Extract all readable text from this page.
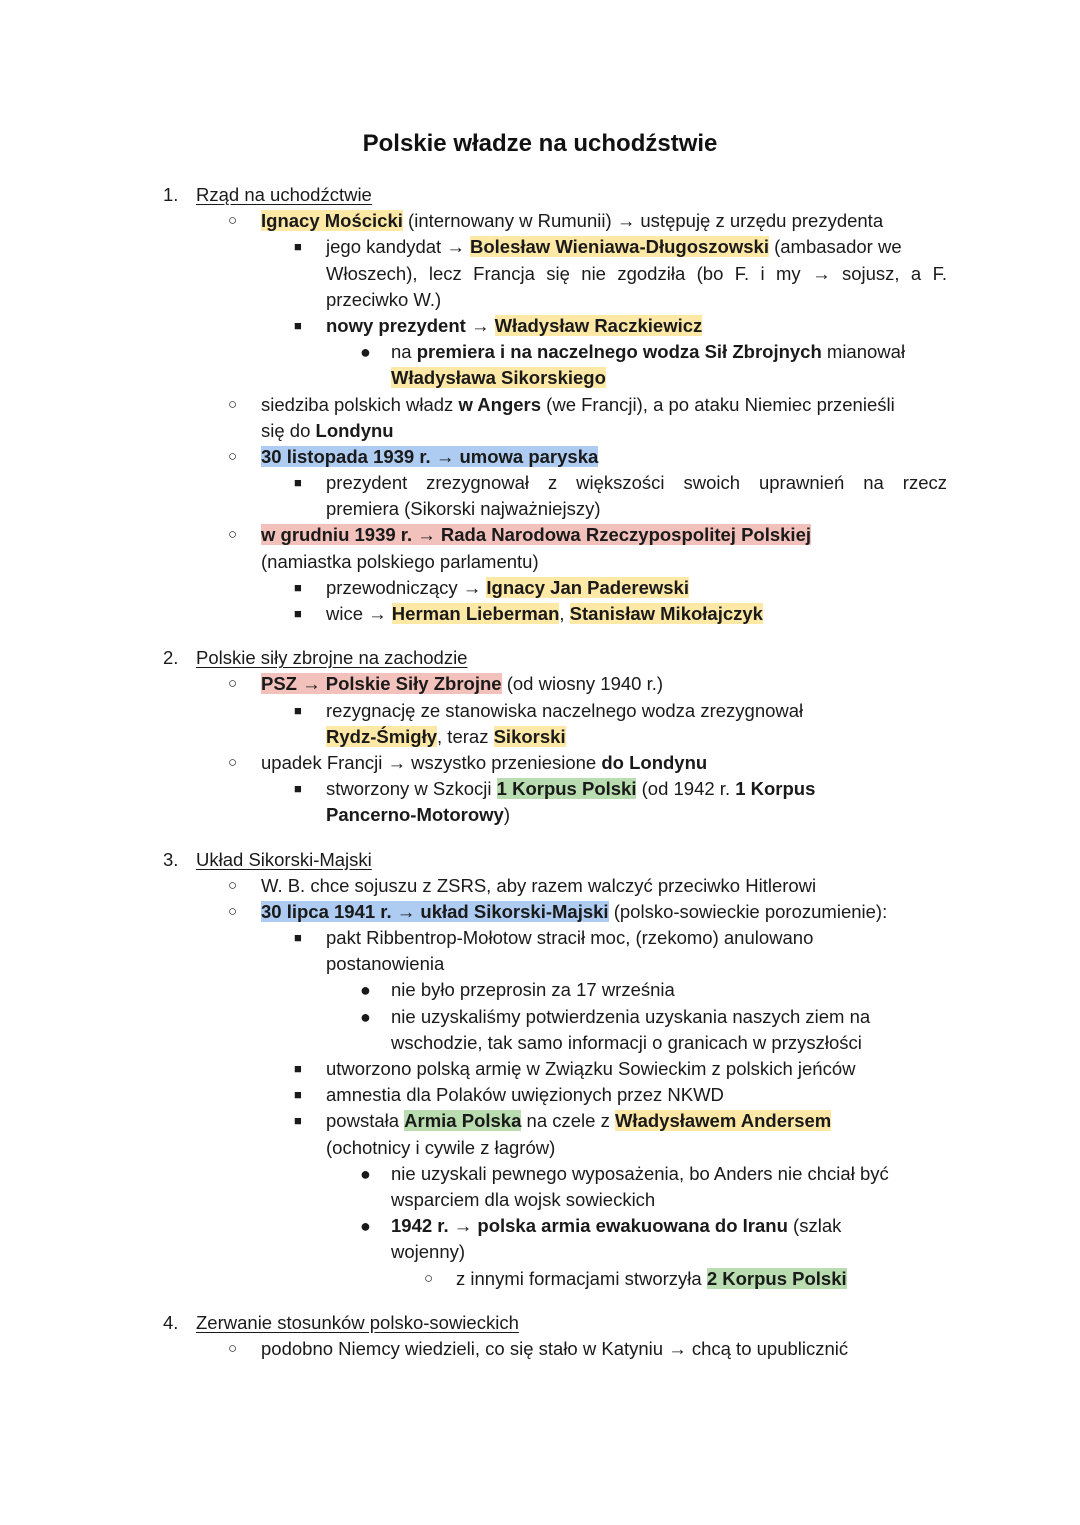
Polskie władze na uchodźstwie
1. Rząd na uchodźctwie
○ Ignacy Mościcki (internowany w Rumunii) → ustępuję z urzędu prezydenta
■ jego kandydat → Bolesław Wieniawa-Długoszowski (ambasador we
Włoszech), lecz Francja się nie zgodziła (bo F. i my → sojusz, a F.
przeciwko W.)
■ nowy prezydent → Władysław Raczkiewicz
● na premiera i na naczelnego wodza Sił Zbrojnych mianował
Władysława Sikorskiego
○ siedziba polskich władz w Angers (we Francji), a po ataku Niemiec przenieśli
się do Londynu
○ 30 listopada 1939 r. → umowa paryska
■ prezydent zrezygnował z większości swoich uprawnień na rzecz
premiera (Sikorski najważniejszy)
○ w grudniu 1939 r. → Rada Narodowa Rzeczypospolitej Polskiej
(namiastka polskiego parlamentu)
■ przewodniczący → Ignacy Jan Paderewski
■ wice → Herman Lieberman, Stanisław Mikołajczyk
2. Polskie siły zbrojne na zachodzie
○ PSZ → Polskie Siły Zbrojne (od wiosny 1940 r.)
■ rezygnację ze stanowiska naczelnego wodza zrezygnował
Rydz-Śmigły, teraz Sikorski
○ upadek Francji → wszystko przeniesione do Londynu
■ stworzony w Szkocji 1 Korpus Polski (od 1942 r. 1 Korpus
Pancerno-Motorowy)
3. Układ Sikorski-Majski
○ W. B. chce sojuszu z ZSRS, aby razem walczyć przeciwko Hitlerowi
○ 30 lipca 1941 r. → układ Sikorski-Majski (polsko-sowieckie porozumienie):
■ pakt Ribbentrop-Mołotow stracił moc, (rzekomo) anulowano
postanowienia
● nie było przeprosin za 17 września
● nie uzyskaliśmy potwierdzenia uzyskania naszych ziem na
wschodzie, tak samo informacji o granicach w przyszłości
■ utworzono polską armię w Związku Sowieckim z polskich jeńców
■ amnestia dla Polaków uwięzionych przez NKWD
■ powstała Armia Polska na czele z Władysławem Andersem
(ochotnicy i cywile z łagrów)
● nie uzyskali pewnego wyposażenia, bo Anders nie chciał być
wsparciem dla wojsk sowieckich
● 1942 r. → polska armia ewakuowana do Iranu (szlak
wojenny)
○ z innymi formacjami stworzyła 2 Korpus Polski
4. Zerwanie stosunków polsko-sowieckich
○ podobno Niemcy wiedzieli, co się stało w Katyniu → chcą to upublicznić
